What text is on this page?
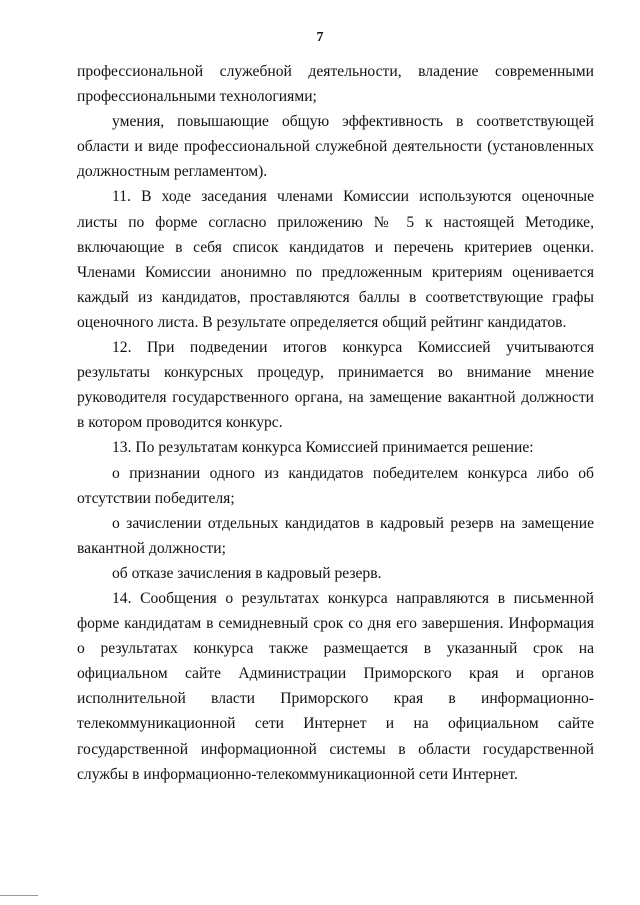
7

профессиональной служебной деятельности, владение современными профессиональными технологиями;

умения, повышающие общую эффективность в соответствующей области и виде профессиональной служебной деятельности (установленных должностным регламентом).

11. В ходе заседания членами Комиссии используются оценочные листы по форме согласно приложению № 5 к настоящей Методике, включающие в себя список кандидатов и перечень критериев оценки. Членами Комиссии анонимно по предложенным критериям оценивается каждый из кандидатов, проставляются баллы в соответствующие графы оценочного листа. В результате определяется общий рейтинг кандидатов.

12. При подведении итогов конкурса Комиссией учитываются результаты конкурсных процедур, принимается во внимание мнение руководителя государственного органа, на замещение вакантной должности в котором проводится конкурс.

13. По результатам конкурса Комиссией принимается решение:

о признании одного из кандидатов победителем конкурса либо об отсутствии победителя;

о зачислении отдельных кандидатов в кадровый резерв на замещение вакантной должности;

об отказе зачисления в кадровый резерв.

14. Сообщения о результатах конкурса направляются в письменной форме кандидатам в семидневный срок со дня его завершения. Информация о результатах конкурса также размещается в указанный срок на официальном сайте Администрации Приморского края и органов исполнительной власти Приморского края в информационно-телекоммуникационной сети Интернет и на официальном сайте государственной информационной системы в области государственной службы в информационно-телекоммуникационной сети Интернет.
